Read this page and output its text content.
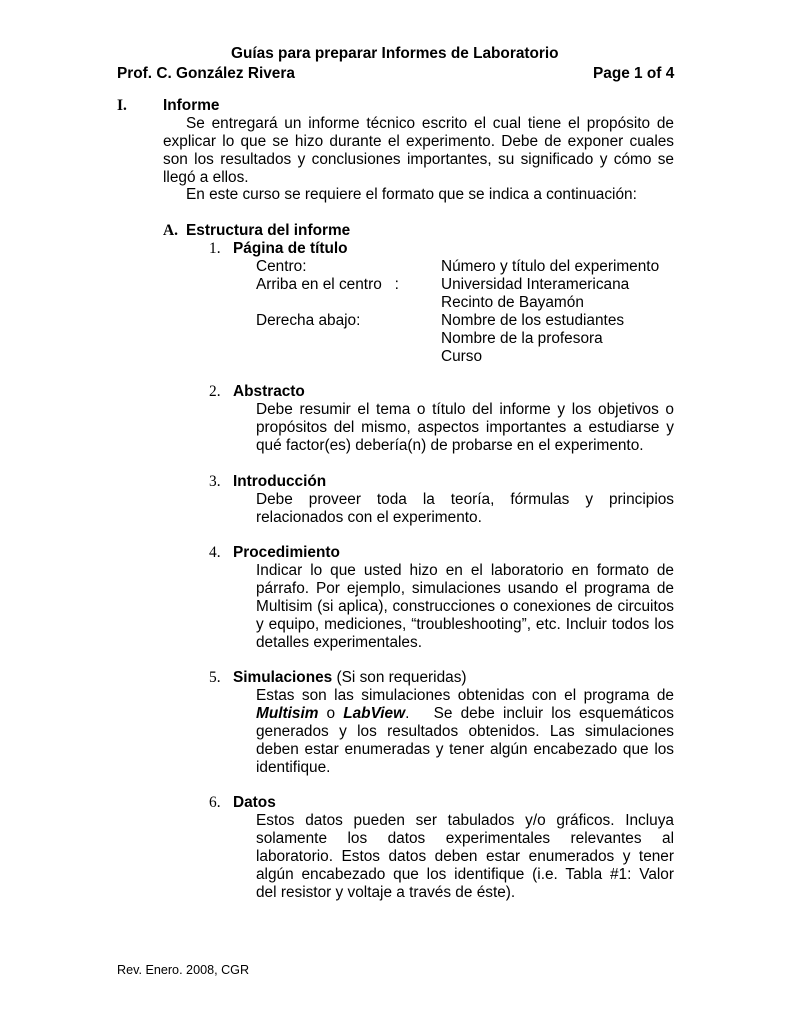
Guías para preparar Informes de Laboratorio
Prof. C. González Rivera	Page 1 of 4
I. Informe
Se entregará un informe técnico escrito el cual tiene el propósito de
explicar lo que se hizo durante el experimento. Debe de exponer cuales
son los resultados y conclusiones importantes, su significado y cómo se
llegó a ellos.
En este curso se requiere el formato que se indica a continuación:
A. Estructura del informe
1. Página de título
Centro:	Número y título del experimento
Arriba en el centro   :	Universidad Interamericana
Recinto de Bayamón
Derecha abajo:	Nombre de los estudiantes
Nombre de la profesora
Curso
2. Abstracto
Debe resumir el tema o título del informe y los objetivos o
propósitos del mismo, aspectos importantes a estudiarse y
qué factor(es) debería(n) de probarse en el experimento.
3. Introducción
Debe proveer toda la teoría, fórmulas y principios
relacionados con el experimento.
4. Procedimiento
Indicar lo que usted hizo en el laboratorio en formato de
párrafo. Por ejemplo, simulaciones usando el programa de
Multisim (si aplica), construcciones o conexiones de circuitos
y equipo, mediciones, “troubleshooting”, etc. Incluir todos los
detalles experimentales.
5. Simulaciones (Si son requeridas)
Estas son las simulaciones obtenidas con el programa de
Multisim o LabView.   Se debe incluir los esquemáticos
generados y los resultados obtenidos. Las simulaciones
deben estar enumeradas y tener algún encabezado que los
identifique.
6. Datos
Estos datos pueden ser tabulados y/o gráficos. Incluya
solamente los datos experimentales relevantes al
laboratorio. Estos datos deben estar enumerados y tener
algún encabezado que los identifique (i.e. Tabla #1: Valor
del resistor y voltaje a través de éste).
Rev. Enero. 2008, CGR
